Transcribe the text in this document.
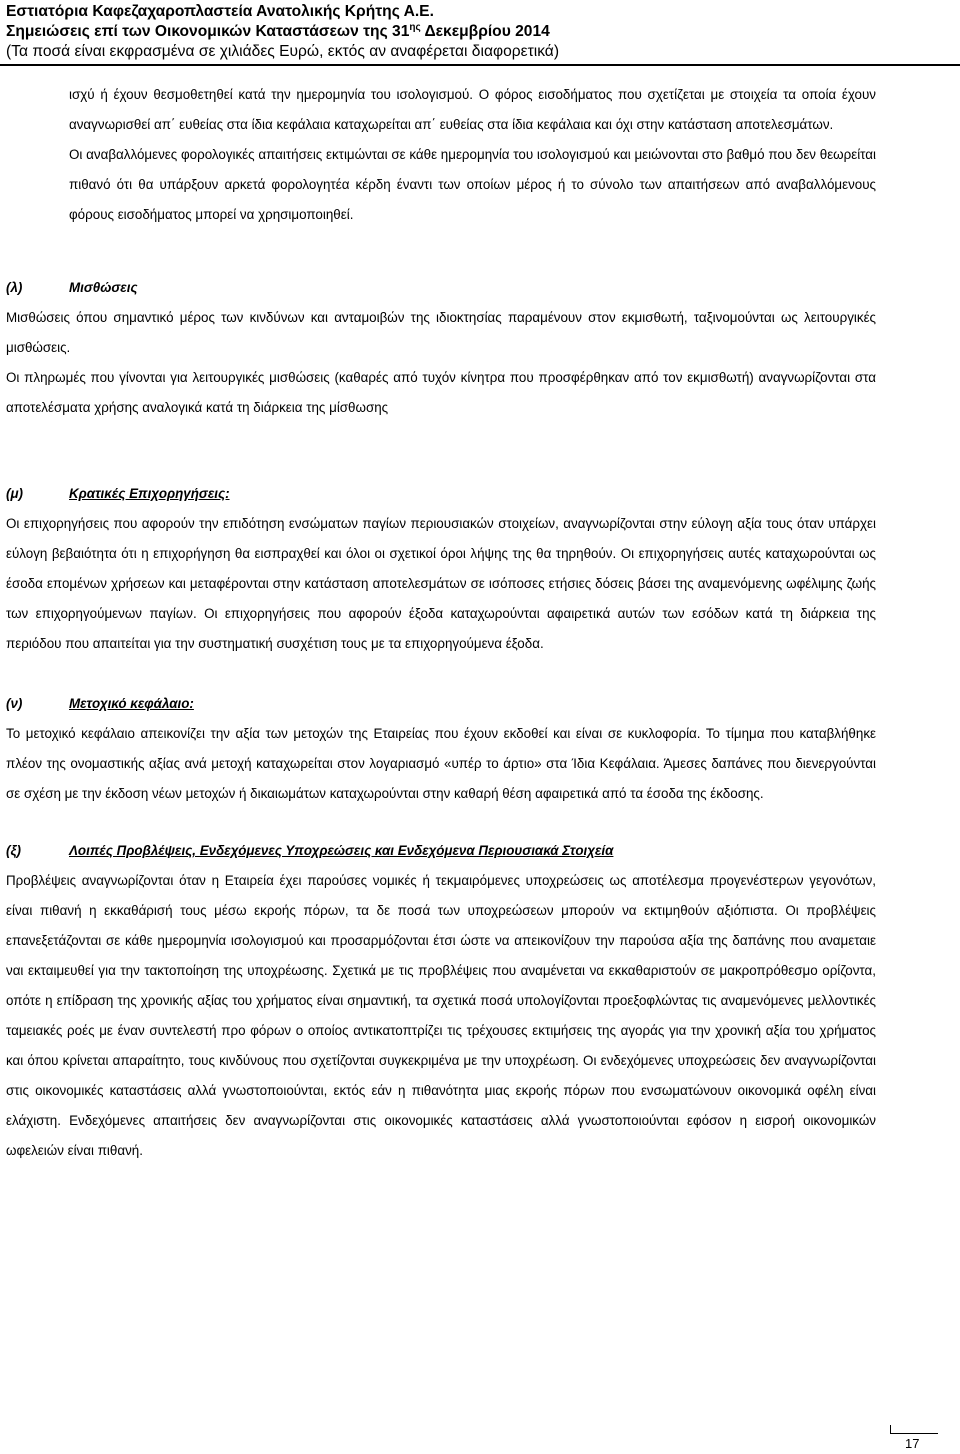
Εστιατόρια Καφεζαχαροπλαστεία Ανατολικής Κρήτης Α.Ε.
Σημειώσεις επί των Οικονομικών Καταστάσεων της $31^{\eta\varsigma}$ Δεκεμβρίου 2014
(Τα ποσά είναι εκφρασμένα σε χιλιάδες Ευρώ, εκτός αν αναφέρεται διαφορετικά)

ισχύ ή έχουν θεσμοθετηθεί κατά την ημερομηνία του ισολογισμού. Ο φόρος εισοδήματος που σχετίζεται με στοιχεία τα οποία έχουν αναγνωρισθεί απ΄ ευθείας στα ίδια κεφάλαια καταχωρείται απ΄ ευθείας στα ίδια κεφάλαια και όχι στην κατάσταση αποτελεσμάτων.

Οι αναβαλλόμενες φορολογικές απαιτήσεις εκτιμώνται σε κάθε ημερομηνία του ισολογισμού και μειώνονται στο βαθμό που δεν θεωρείται πιθανό ότι θα υπάρξουν αρκετά φορολογητέα κέρδη έναντι των οποίων μέρος ή το σύνολο των απαιτήσεων από αναβαλλόμενους φόρους εισοδήματος μπορεί να χρησιμοποιηθεί.

(λ)	Μισθώσεις

Μισθώσεις όπου σημαντικό μέρος των κινδύνων και ανταμοιβών της ιδιοκτησίας παραμένουν στον εκμισθωτή, ταξινομούνται ως λειτουργικές μισθώσεις.

Οι πληρωμές που γίνονται για λειτουργικές μισθώσεις (καθαρές από τυχόν κίνητρα που προσφέρθηκαν από τον εκμισθωτή) αναγνωρίζονται στα αποτελέσματα χρήσης αναλογικά κατά τη διάρκεια της μίσθωσης

(μ)	Κρατικές Επιχορηγήσεις:

Οι επιχορηγήσεις που αφορούν την επιδότηση ενσώματων παγίων περιουσιακών στοιχείων, αναγνωρίζονται στην εύλογη αξία τους όταν υπάρχει εύλογη βεβαιότητα ότι η επιχορήγηση θα εισπραχθεί και όλοι οι σχετικοί όροι λήψης της θα τηρηθούν. Οι επιχορηγήσεις αυτές καταχωρούνται ως έσοδα επομένων χρήσεων και μεταφέρονται στην κατάσταση αποτελεσμάτων σε ισόποσες ετήσιες δόσεις βάσει της αναμενόμενης ωφέλιμης ζωής των επιχορηγούμενων παγίων. Οι επιχορηγήσεις που αφορούν έξοδα καταχωρούνται αφαιρετικά αυτών των εσόδων κατά τη διάρκεια της περιόδου που απαιτείται για την συστηματική συσχέτιση τους με τα επιχορηγούμενα έξοδα.

(ν)	Μετοχικό κεφάλαιο:

Το μετοχικό κεφάλαιο απεικονίζει την αξία των μετοχών της Εταιρείας που έχουν εκδοθεί και είναι σε κυκλοφορία. Το τίμημα που καταβλήθηκε πλέον της ονομαστικής αξίας ανά μετοχή καταχωρείται στον λογαριασμό «υπέρ το άρτιο» στα Ίδια Κεφάλαια. Άμεσες δαπάνες που διενεργούνται σε σχέση με την έκδοση νέων μετοχών ή δικαιωμάτων καταχωρούνται στην καθαρή θέση αφαιρετικά από τα έσοδα της έκδοσης.

(ξ)	Λοιπές Προβλέψεις, Ενδεχόμενες Υποχρεώσεις και Ενδεχόμενα Περιουσιακά Στοιχεία

Προβλέψεις αναγνωρίζονται όταν η Εταιρεία έχει παρούσες νομικές ή τεκμαιρόμενες υποχρεώσεις ως αποτέλεσμα προγενέστερων γεγονότων, είναι πιθανή η εκκαθάρισή τους μέσω εκροής πόρων, τα δε ποσά των υποχρεώσεων μπορούν να εκτιμηθούν αξιόπιστα. Οι προβλέψεις επανεξετάζονται σε κάθε ημερομηνία ισολογισμού και προσαρμόζονται έτσι ώστε να απεικονίζουν την παρούσα αξία της δαπάνης που αναμεταιε ναι εκταιμευθεί για την τακτοποίηση της υποχρέωσης. Σχετικά με τις προβλέψεις που αναμένεται να εκκαθαριστούν σε μακροπρόθεσμο ορίζοντα, οπότε η επίδραση της χρονικής αξίας του χρήματος είναι σημαντική, τα σχετικά ποσά υπολογίζονται προεξοφλώντας τις αναμενόμενες μελλοντικές ταμειακές ροές με έναν συντελεστή προ φόρων ο οποίος αντικατοπτρίζει τις τρέχουσες εκτιμήσεις της αγοράς για την χρονική αξία του χρήματος και όπου κρίνεται απαραίτητο, τους κινδύνους που σχετίζονται συγκεκριμένα με την υποχρέωση. Οι ενδεχόμενες υποχρεώσεις δεν αναγνωρίζονται στις οικονομικές καταστάσεις αλλά γνωστοποιούνται, εκτός εάν η πιθανότητα μιας εκροής πόρων που ενσωματώνουν οικονομικά οφέλη είναι ελάχιστη. Ενδεχόμενες απαιτήσεις δεν αναγνωρίζονται στις οικονομικές καταστάσεις αλλά γνωστοποιούνται εφόσον η εισροή οικονομικών ωφελειών είναι πιθανή.

17
